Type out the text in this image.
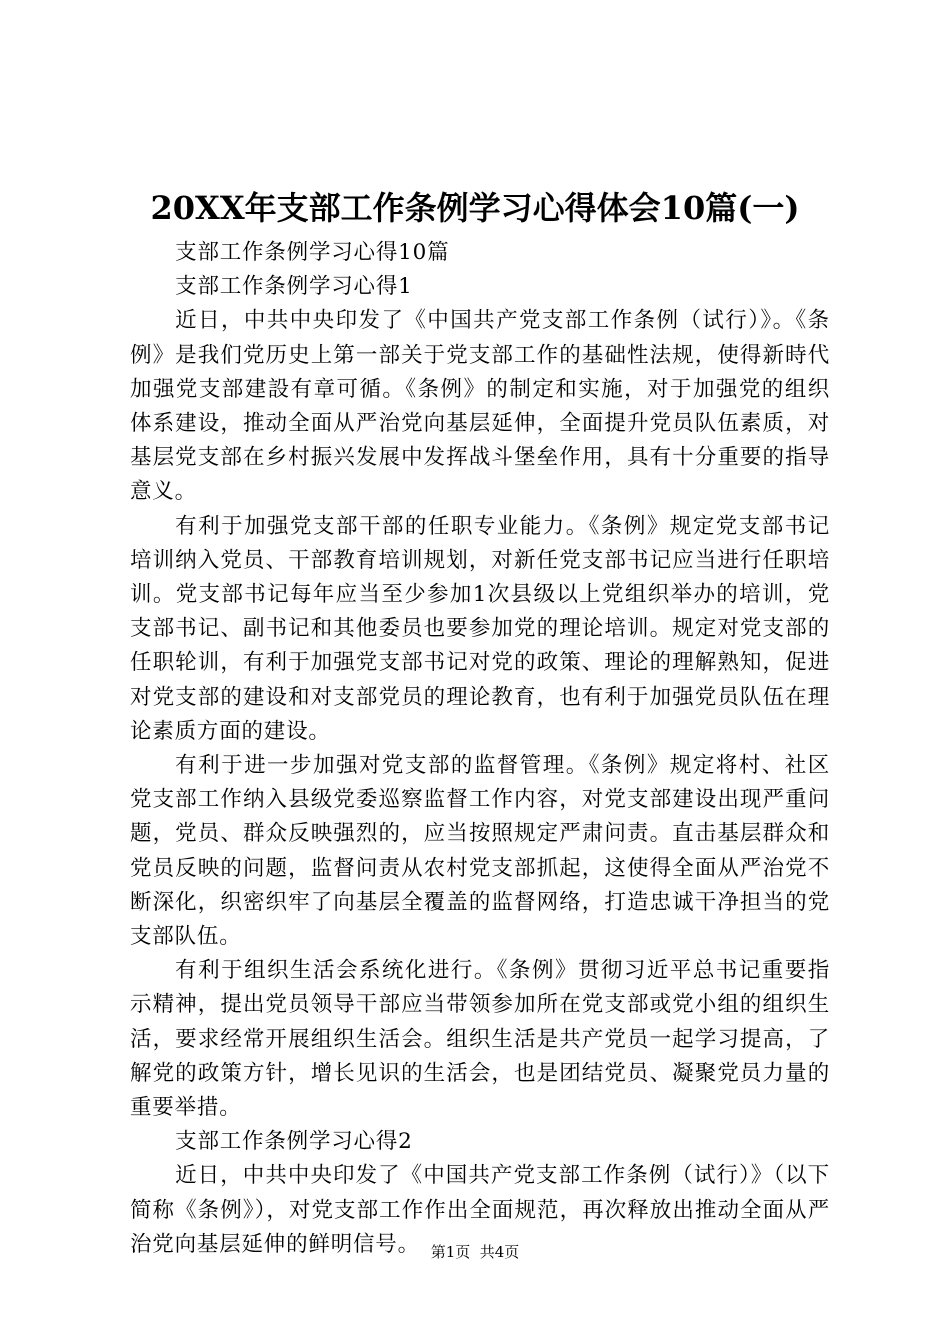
20XX年支部工作条例学习心得体会10篇(一)

支部工作条例学习心得10篇

支部工作条例学习心得1

近日，中共中央印发了《中国共产党支部工作条例（试行）》。《条例》是我们党历史上第一部关于党支部工作的基础性法规，使得新時代加强党支部建設有章可循。《条例》的制定和实施，对于加强党的组织体系建设，推动全面从严治党向基层延伸，全面提升党员队伍素质，对基层党支部在乡村振兴发展中发挥战斗堡垒作用，具有十分重要的指导意义。

有利于加强党支部干部的任职专业能力。《条例》规定党支部书记培训纳入党员、干部教育培训规划，对新任党支部书记应当进行任职培训。党支部书记每年应当至少参加1次县级以上党组织举办的培训，党支部书记、副书记和其他委员也要参加党的理论培训。规定对党支部的任职轮训，有利于加强党支部书记对党的政策、理论的理解熟知，促进对党支部的建设和对支部党员的理论教育，也有利于加强党员队伍在理论素质方面的建设。

有利于进一步加强对党支部的监督管理。《条例》规定将村、社区党支部工作纳入县级党委巡察监督工作内容，对党支部建设出现严重问题，党员、群众反映强烈的，应当按照规定严肃问责。直击基层群众和党员反映的问题，监督问责从农村党支部抓起，这使得全面从严治党不断深化，织密织牢了向基层全覆盖的监督网络，打造忠诚干净担当的党支部队伍。

有利于组织生活会系统化进行。《条例》贯彻习近平总书记重要指示精神，提出党员领导干部应当带领参加所在党支部或党小组的组织生活，要求经常开展组织生活会。组织生活是共产党员一起学习提高，了解党的政策方针，增长见识的生活会，也是团结党员、凝聚党员力量的重要举措。

支部工作条例学习心得2

近日，中共中央印发了《中国共产党支部工作条例（试行）》（以下简称《条例》），对党支部工作作出全面规范，再次释放出推动全面从严治党向基层延伸的鲜明信号。 第1页  共4页
